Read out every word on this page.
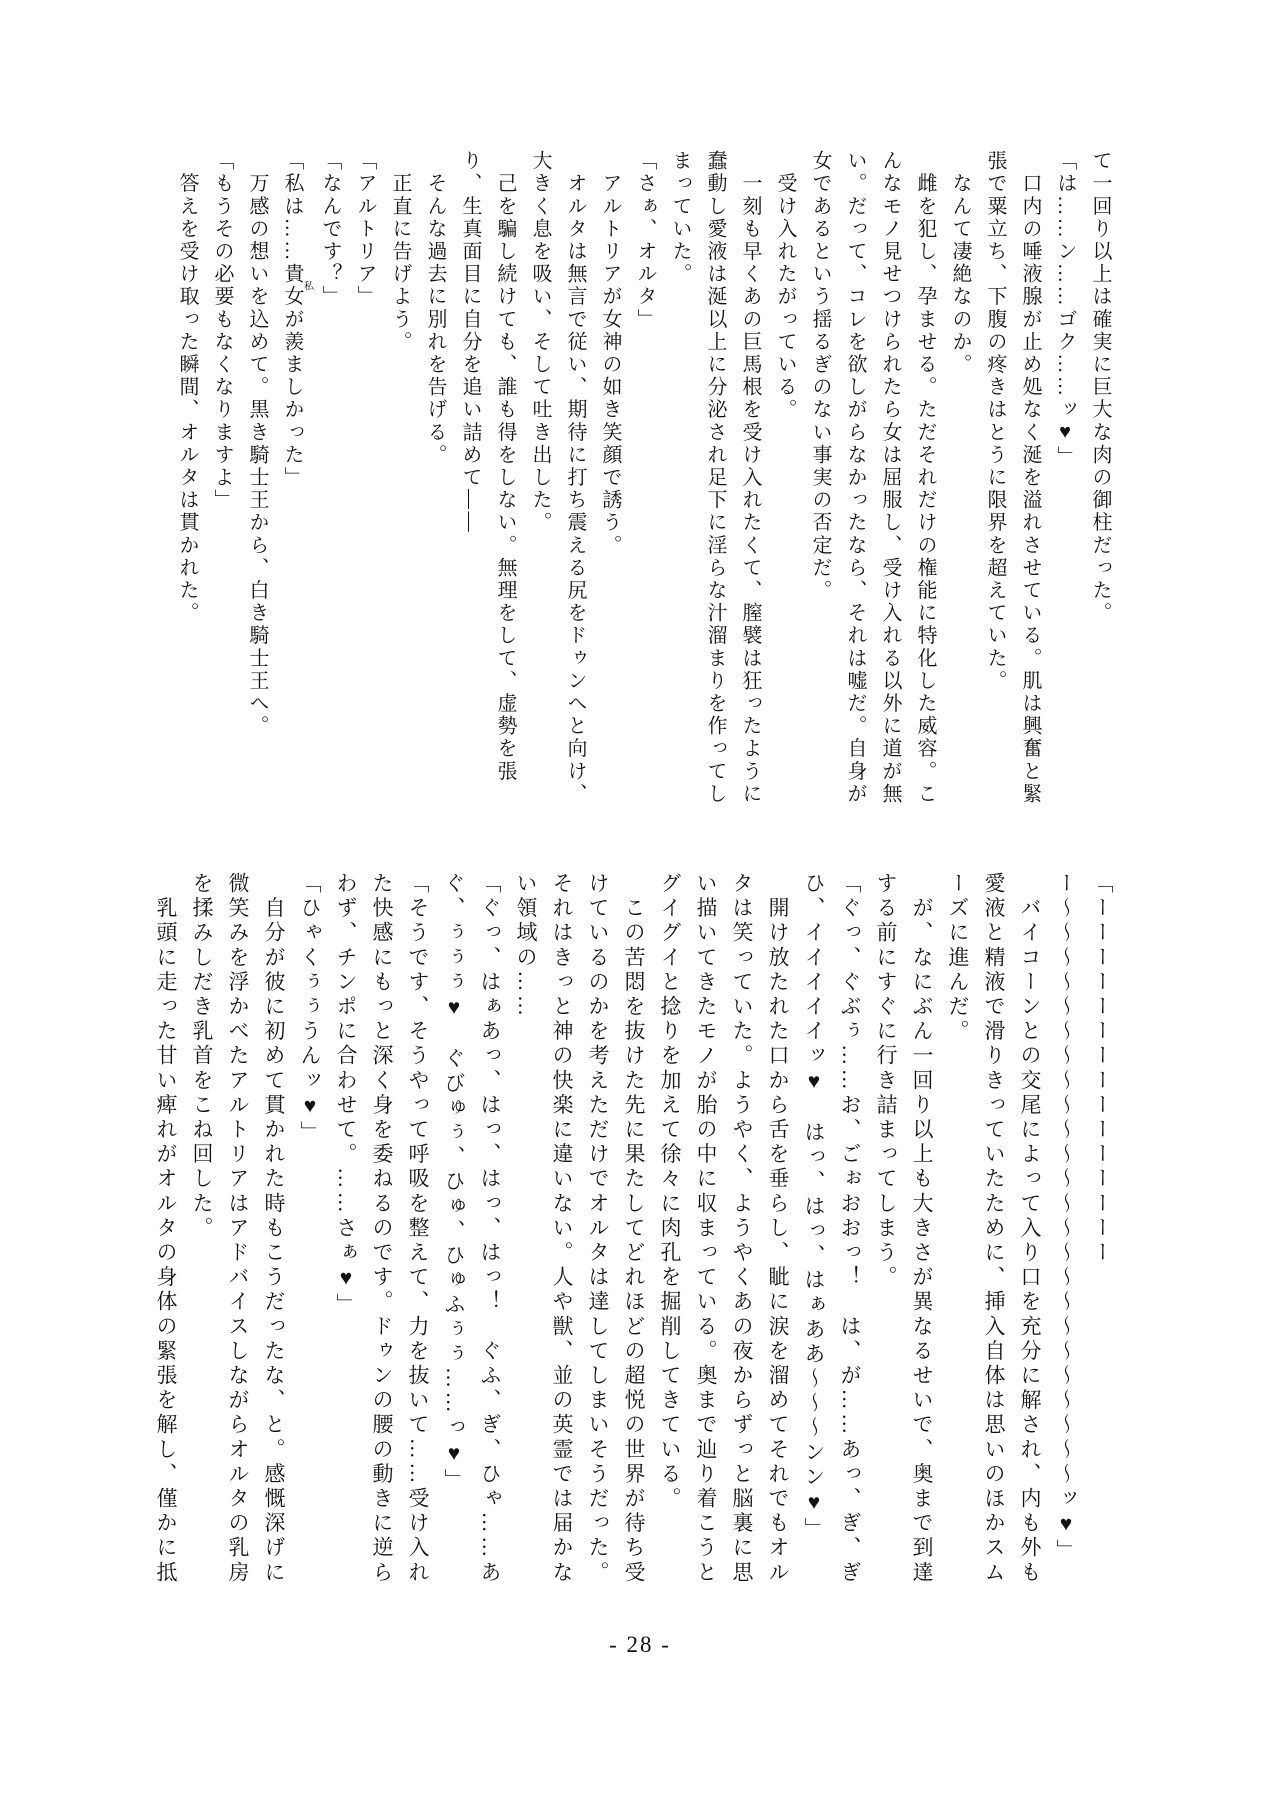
て一回り以上は確実に巨大な肉の御柱だった。

「は……ン……ゴク……ッ♥」

　口内の唾液腺が止め処なく涎を溢れさせている。肌は興奮と緊張で粟立ち、下腹の疼きはとうに限界を超えていた。

　なんて凄絶なのか。

　雌を犯し、孕ませる。ただそれだけの権能に特化した威容。こんなモノ見せつけられたら女は屈服し、受け入れる以外に道が無い。だって、コレを欲しがらなかったなら、それは嘘だ。自身が女であるという揺るぎのない事実の否定だ。

　受け入れたがっている。

　一刻も早くあの巨馬根を受け入れたくて、膣襞は狂ったように蠢動し愛液は涎以上に分泌され足下に淫らな汁溜まりを作ってしまっていた。

「さぁ、オルタ」

　アルトリアが女神の如き笑顔で誘う。

　オルタは無言で従い、期待に打ち震える尻をドゥンへと向け、大きく息を吸い、そして吐き出した。

　己を騙し続けても、誰も得をしない。無理をして、虚勢を張り、生真面目に自分を追い詰めて――

　そんな過去に別れを告げる。

　正直に告げよう。

「アルトリア」

「なんです？」

「私は……貴女私が羨ましかった」

　万感の想いを込めて。黒き騎士王から、白き騎士王へ。

「もうその必要もなくなりますよ」

　答えを受け取った瞬間、オルタは貫かれた。

「ーーーーーーーーーーーーーーーー〜〜〜〜〜〜〜〜〜〜〜〜〜〜〜〜〜〜〜〜〜〜〜〜ッ♥」

　バイコーンとの交尾によって入り口を充分に解され、内も外も愛液と精液で滑りきっていたために、挿入自体は思いのほかスムーズに進んだ。

　が、なにぶん一回り以上も大きさが異なるせいで、奥まで到達する前にすぐに行き詰まってしまう。

「ぐっ、ぐぶぅ……お、ごぉおおっ！　は、が……あっ、ぎ、ぎひ、イイイイイッ♥　はっ、はっ、はぁああ〜〜〜ンン♥」

　開け放たれた口から舌を垂らし、眦に涙を溜めてそれでもオルタは笑っていた。ようやく、ようやくあの夜からずっと脳裏に思い描いてきたモノが胎の中に収まっている。奥まで辿り着こうとグイグイと捻りを加えて徐々に肉孔を掘削してきている。

　この苦悶を抜けた先に果たしてどれほどの超悦の世界が待ち受けているのかを考えただけでオルタは達してしまいそうだった。それはきっと神の快楽に違いない。人や獣、並の英霊では届かない領域の……

「ぐっ、はぁあっ、はっ、はっ、はっ！　ぐふ、ぎ、ひゃ……あぐ、ぅぅぅ♥　ぐびゅぅ、ひゅ、ひゅふぅぅ……っ♥」

「そうです、そうやって呼吸を整えて、力を抜いて……受け入れた快感にもっと深く身を委ねるのです。ドゥンの腰の動きに逆らわず、チンポに合わせて。……さぁ♥」

「ひゃくぅぅうんッ♥」

　自分が彼に初めて貫かれた時もこうだったな、と。感慨深げに微笑みを浮かべたアルトリアはアドバイスしながらオルタの乳房を揉みしだき乳首をこね回した。

　乳頭に走った甘い痺れがオルタの身体の緊張を解し、僅かに抵

- 28 -
